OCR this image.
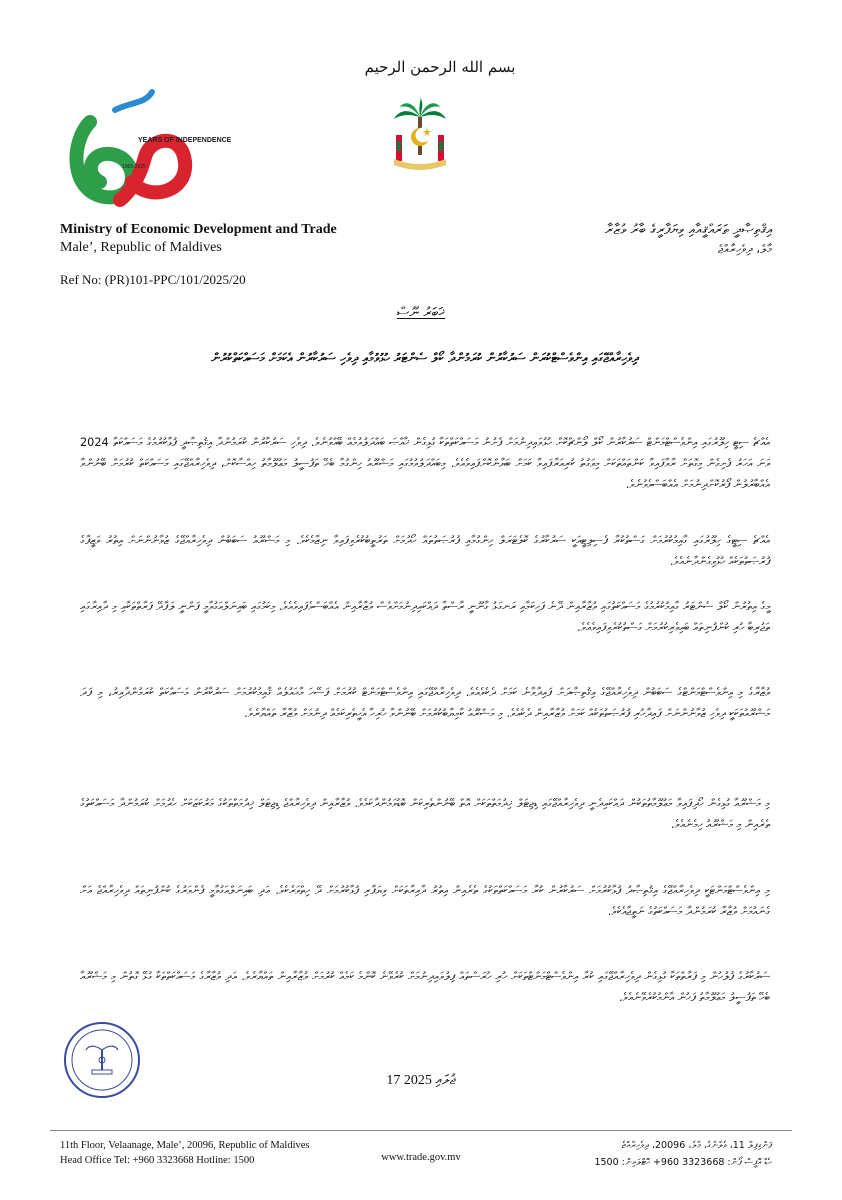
بسم الله الرحمن الرحيم
YEARS OF INDEPENDENCE
1965-2025
Ministry of Economic Development and Trade
Male’, Republic of Maldives
އިޤްތިޞާދީ ތަރައްޤީއާއި ވިޔަފާރީގެ ބާރު ވުޒާރާ
މާލެ، ދިވެހިރާއްޖެ
Ref No: (PR)101-PPC/101/2025/20
ޚަބަރު ނޫސް
ދިވެހިރާއްޖޭގައި އިންވެސްޓްކުރަން ސަރުކާރުން ކުރަމުންދާ ކޯލް ސެންޓަރު ހުޅުވުމާއި ދިވެހި ސަރުކާރުން އެކަމަށް މަސައްކަތްކުރުން
އެއްޗެ ސިޓީ ހިލޫރުގައި އިންވެސްޓްމަންޓް ސަރުކާރުން ކޯލް ލޯންޗްކޮށް ހުޅުވައިދިނުމަށް ފެށުނު މަސައްކަތްތަކާ ގުޅިގެން ޚާއްޞަ ބައްދަލުވުމެއް ބޭއްވުނެވެ. ދިވެހި ސަރުކާރުން ކުރަމުންދާ އިޤުތިޞާދީ ފުޅާކުރުމުގެ މަސައްކަތާ 2024 ވަނަ އަހަރު ފެށިގެން މިގޮތަށް ރާވާފައިވާ ކަންތައްތަކަށް މިވަގުތު ކުރިއަރާފައިވާ ކަމަށް ބަޔާންކޮށްފައިވެއެވެ. މިބައްދަލުވުމުގައި މަޝްރޫއު ހިންގުމާ ބެހޭ ތަފުސީލު މަޢުލޫމާތު ހިއްސާކޮށް، ދިވެހިރާއްޖޭގައި މަސައްކަތް ކުރުމަށް ބޭނުންވާ އެއްބާރުލުން ފޯރުކޮށްދިނުމަށް އެއްބަސްވެވުނެވެ.
އެއްޗެ ސިޓީގެ ހިލޫރުގައި ގާއިމުކުރުމަށް ގަސްތުކުރާ ފެސިލިޓީއަކީ ސަރުކާރުގެ ކޮލެޓަރަލް ހިންގުމާއި ފުރުޞަތުތައް ހޯދުމަށް ތަރުތީބުކުރެވިފައިވާ ނިޒާމެކެވެ. މި މަޝްރޫއު ސަބަބުން ދިވެހިރާއްޖޭގެ ޒުވާނުންނަށް އިތުރު ވަޒީފާގެ ފުރުޞަތުތަކެއް ހުޅުވިގެންދާނެއެވެ.
މީގެ އިތުރުން ކޯލް ސެންޓަރު ގާއިމުކުރުމުގެ މަސައްކަތުގައި ވުޒާރާއިން ދޭނެ ފަހިކަމާއި ރަނގަޅު ގާނޫނީ ރާސްތާ ދައްކައިދިނުމަށްވެސް ވުޒާރާއިން އެއްބަސްވެފައިވެއެވެ. މިކަމުގައި ބައިނަލްއަގުވާމީ ފަންނީ ލަފާދޭ ފަރާތްތަކާއި މި ދާއިރާގައި ތަޖުރިބާ ހުރި ކުންފުނިތައް ބައިވެރިކުރުމަށް ގަސްތުކުރެވިފައިވެއެވެ.
ވުޒާރާގެ މި އިންވެސްޓްމަންޓްގެ ސަބަބުން ދިވެހިރާއްޖޭގެ އިޤުތިޞާދަށް ފައިދާވާނެ ކަމަށް ދެކެވެއެވެ. ދިވެހިރާއްޖޭގައި އިންވެސްޓްމަންޓް ކުރުމަށް ފަސޭހަ މާޙައުލެއް ޤާއިމުކުރުމަށް ސަރުކާރުން މަސައްކަތް ކުރަމުންދާއިރު، މި ފަދަ މަޝްރޫއުތަކަކީ ދިވެހި ޒުވާނުންނަށް ފައިދާހުރި ފުރުޞަތުތަކެއް ކަމަށް ވުޒާރާއިން ދެކެއެވެ. މި މަޝްރޫއު ކާމިޔާބުކުރުމަށް ބޭނުންވާ ހުރިހާ އެހީތެރިކަމެއް ދިނުމަށް ވުޒާރާ ތައްޔާރެވެ.
މި މަޝްރޫއާ ގުޅިގެން ހޯދިފައިވާ މަޢުލޫމާތުތަކުން ދައްކައިދެނީ ދިވެހިރާއްޖޭގައި ޑިޖިޓަލް ޚިދުމަތްތަކަށް އޮތް ބޭނުންތެރިކަން ބޮޑުވަމުންދާކަމެވެ. ވުޒާރާއިން ދިވެހިރާއްޖެ ޑިޖިޓަލް ޚިދުމަތްތަކުގެ މަރުކަޒަކަށް ހެދުމަށް ކުރަމުންދާ މަސައްކަތުގެ ތެރެއިން މި މަޝްރޫއު ހިމެނެއެވެ.
މި އިންވެސްޓްމަންޓަކީ ދިވެހިރާއްޖޭގެ އިޤުތިޞާދު ފުޅާކުރުމަށް ސަރުކާރުން ކުރާ މަސައްކަތްތަކުގެ ތެރެއިން އިތުރު ދާއިރާތަކަށް ވިޔަފާރި ފުޅާކުރުމަށް ދޭ ހިތްވަރެކެވެ. އަދި ބައިނަލްއަގުވާމީ ފެންވަރުގެ ކުންފުނިތައް ދިވެހިރާއްޖެ އަށް ގެނައުމަށް ވުޒާރާ ކުރަމުންދާ މަސައްކަތުގެ ނަތީޖާއެކެވެ.
ސަރުކާރުގެ ފުލުހުން މި ފަރާތްތަކާ ގުޅިގެން ދިވެހިރާއްޖޭގައި ކުރާ އިންވެސްޓްމަންޓްތަކަށް ހުރި ހުރަސްތައް ފިލުވައިދިނުމަށް ކުރެވޭނެ ކޮންމެ ކަމެއް ކުރުމަށް ވުޒާރާއިން ތައްޔާރެވެ. އަދި ވުޒާރާގެ މަސައްކަތްތަކާ ގުޅޭ ގޮތުން މި މަޝްރޫއާ ބެހޭ ތަފުސީލު މަޢުލޫމާތު ފަހުން އާންމުކުރެވޭނެއެވެ.
17 ޖުލައި 2025
11th Floor, Velaanage, Male’, 20096, Republic of Maldives
Head Office Tel: +960 3323668 Hotline: 1500	www.trade.gov.mv
ފަންގިފިލާ 11، ވެލާނާގެ، މާލެ، 20096، ދިވެހިރާއްޖެ
ހެޑް އޮފީސް ފޯން: 3323668 960+ ހޮޓްލައިން: 1500
